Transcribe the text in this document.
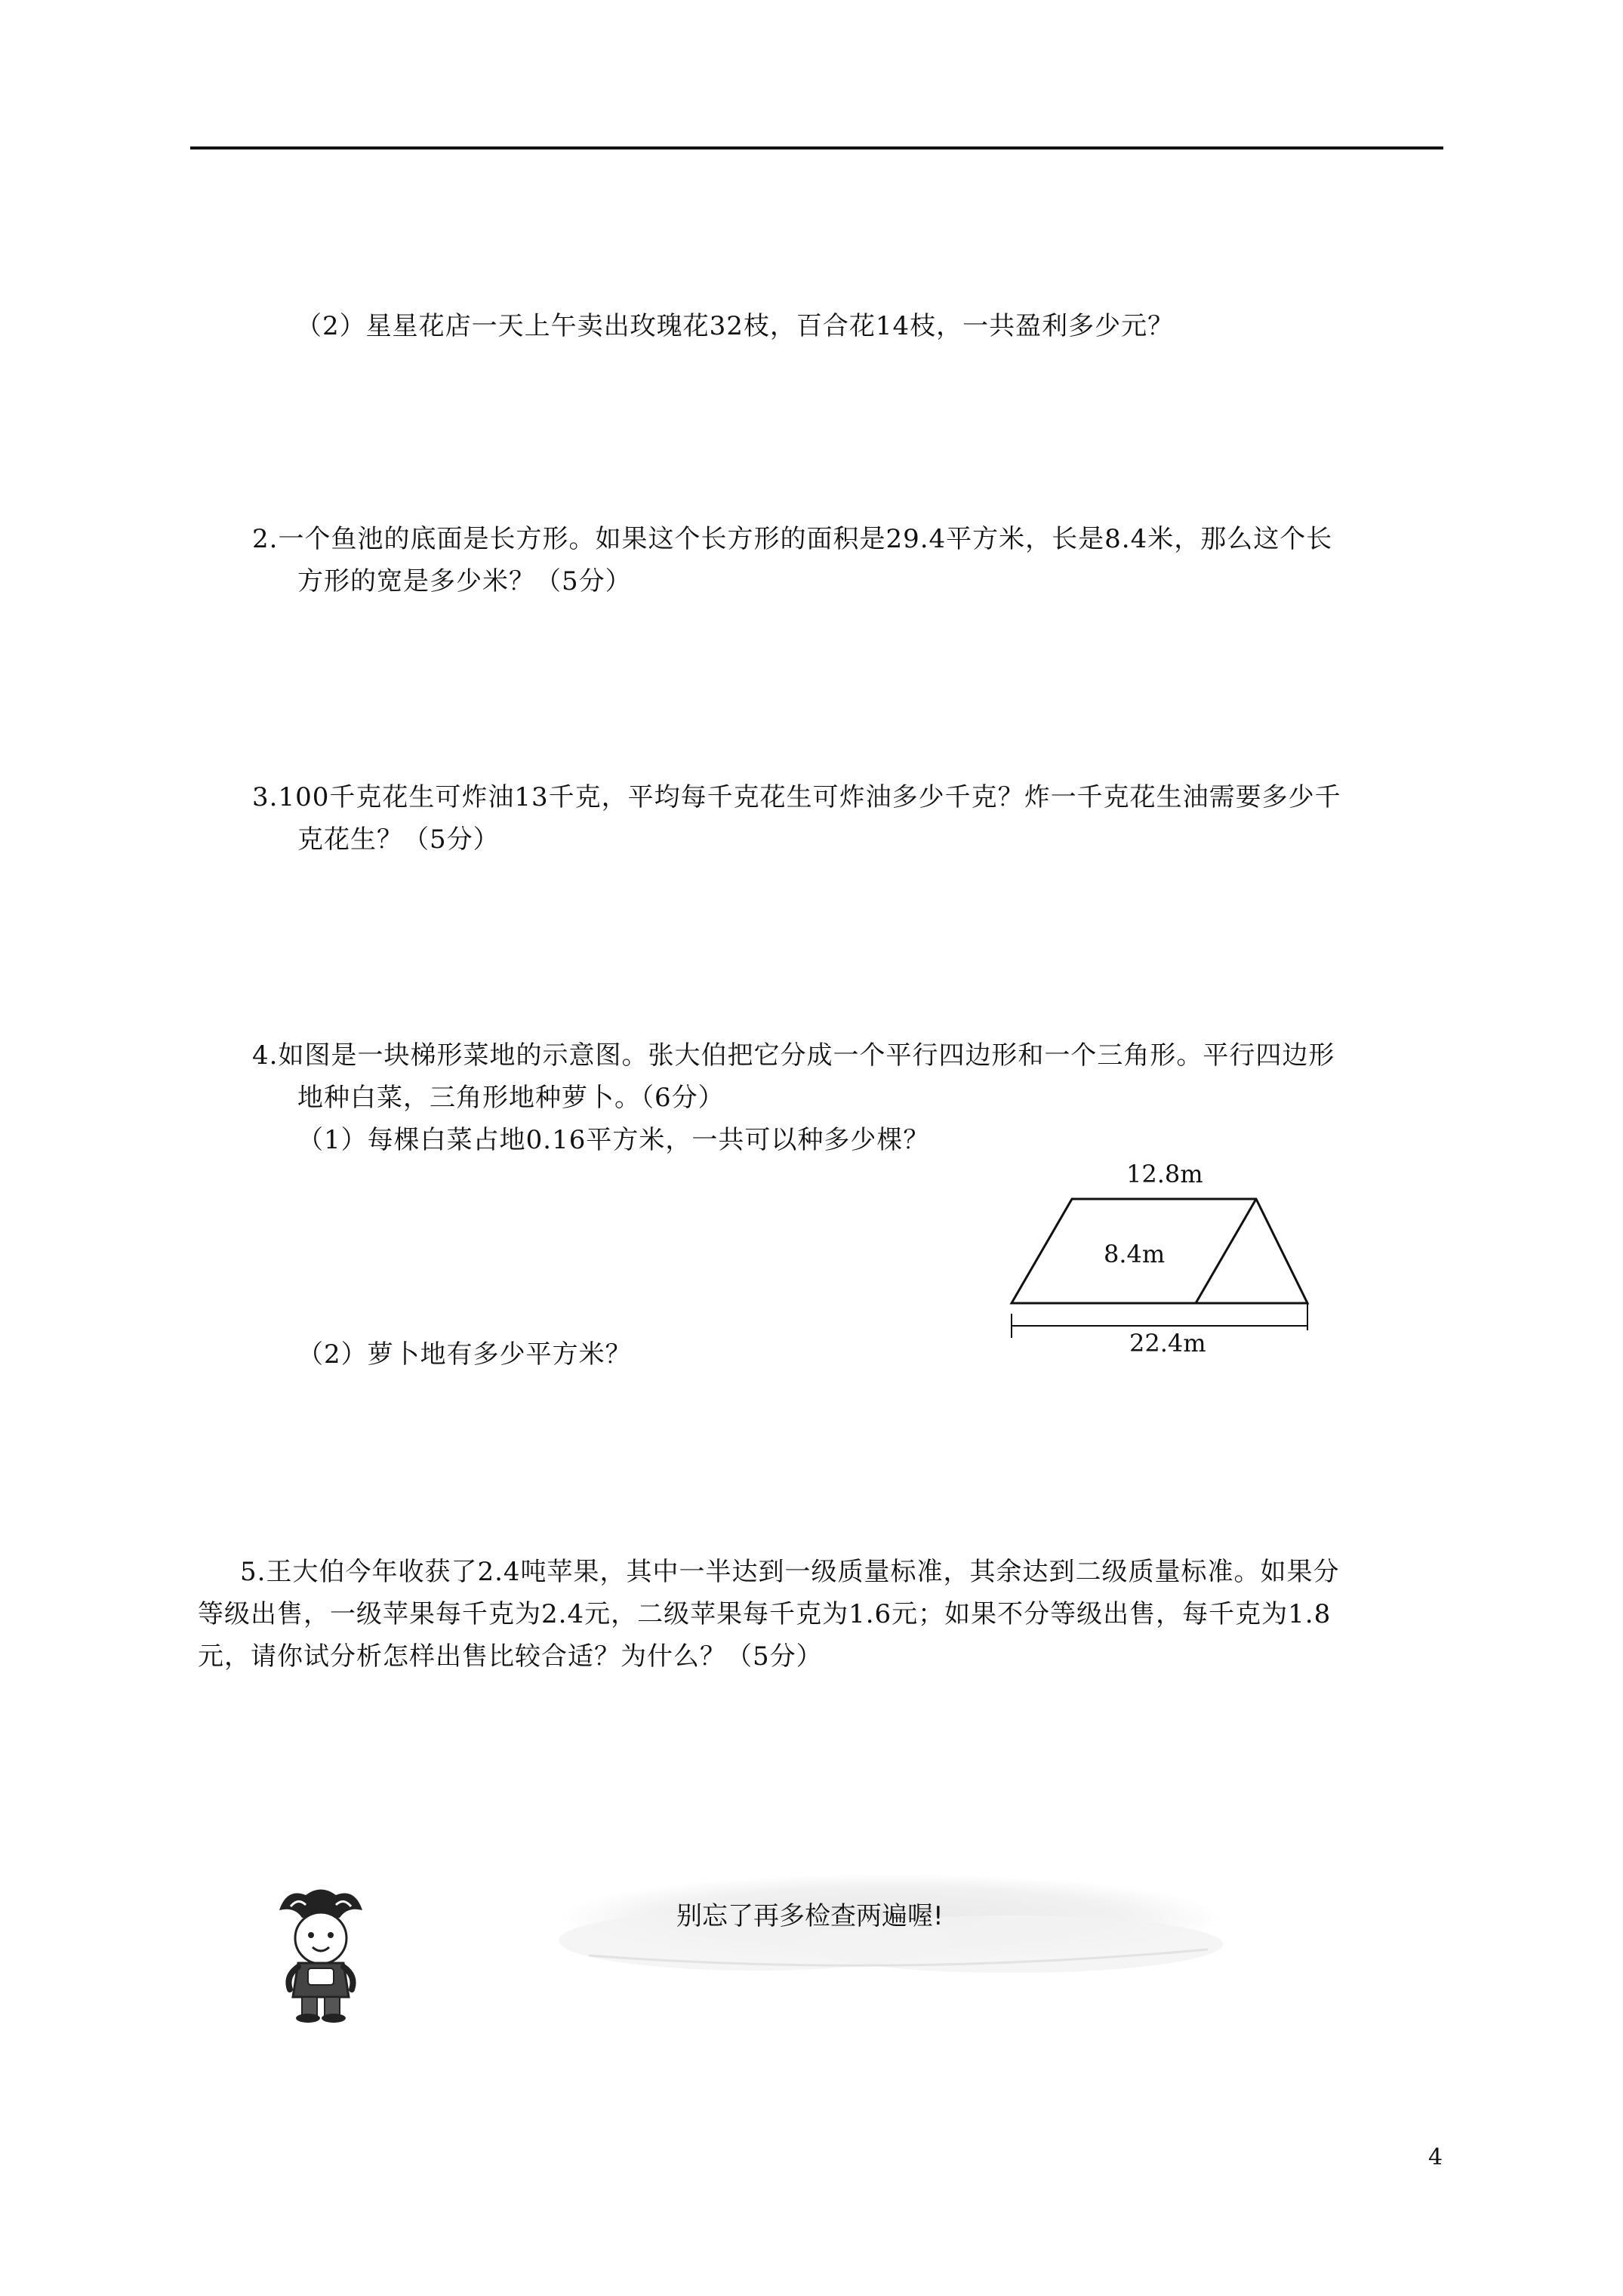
（2）星星花店一天上午卖出玫瑰花32枝，百合花14枝，一共盈利多少元？
2.一个鱼池的底面是长方形。如果这个长方形的面积是29.4平方米，长是8.4米，那么这个长
方形的宽是多少米？（5分）
3.100千克花生可炸油13千克，平均每千克花生可炸油多少千克？炸一千克花生油需要多少千
克花生？（5分）
4.如图是一块梯形菜地的示意图。张大伯把它分成一个平行四边形和一个三角形。平行四边形
地种白菜，三角形地种萝卜。（6分）
（1）每棵白菜占地0.16平方米，一共可以种多少棵？
（2）萝卜地有多少平方米？
12.8m
8.4m
22.4m
5.王大伯今年收获了2.4吨苹果，其中一半达到一级质量标准，其余达到二级质量标准。如果分
等级出售，一级苹果每千克为2.4元，二级苹果每千克为1.6元；如果不分等级出售，每千克为1.8
元，请你试分析怎样出售比较合适？为什么？（5分）
别忘了再多检查两遍喔!
4
